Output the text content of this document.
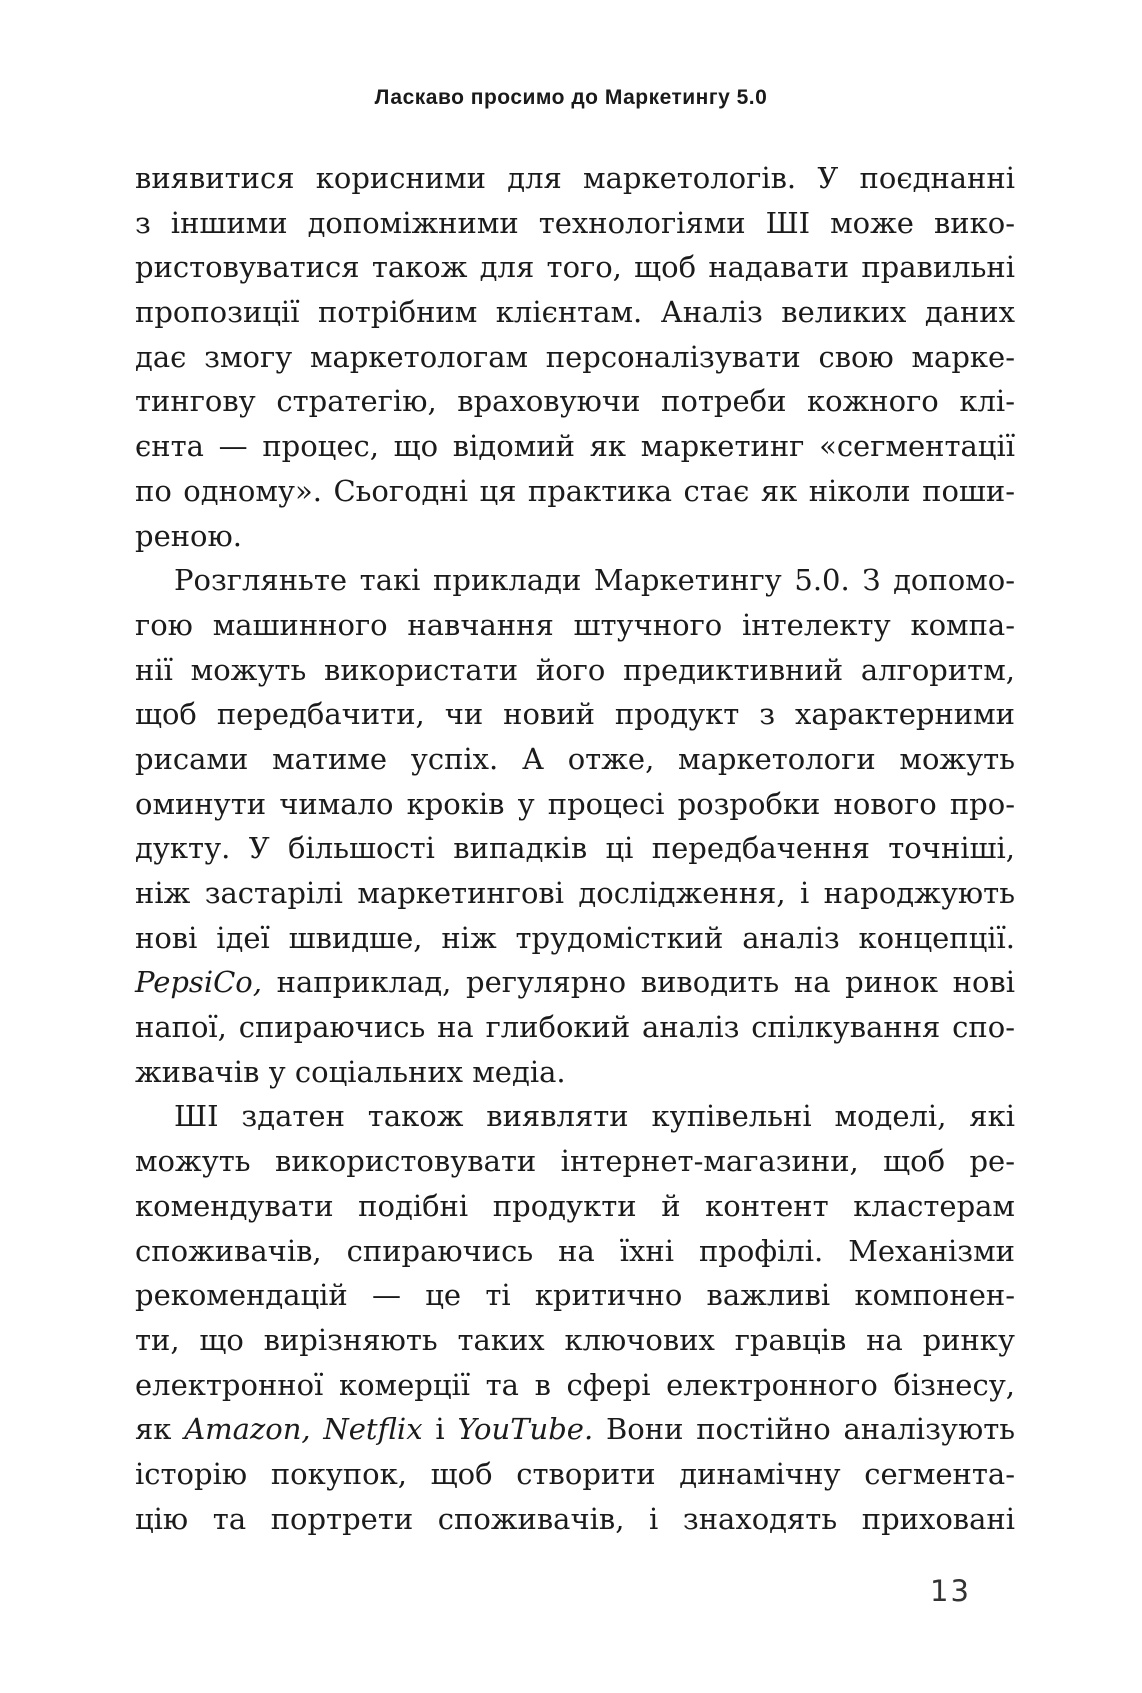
Ласкаво просимо до Маркетингу 5.0
виявитися корисними для маркетологів. У поєднанні
з іншими допоміжними технологіями ШІ може вико-
ристовуватися також для того, щоб надавати правильні
пропозиції потрібним клієнтам. Аналіз великих даних
дає змогу маркетологам персоналізувати свою марке-
тингову стратегію, враховуючи потреби кожного клі-
єнта — процес, що відомий як маркетинг «сегментації
по одному». Сьогодні ця практика стає як ніколи поши-
реною.
Розгляньте такі приклади Маркетингу 5.0. З допомо-
гою машинного навчання штучного інтелекту компа-
нії можуть використати його предиктивний алгоритм,
щоб передбачити, чи новий продукт з характерними
рисами матиме успіх. А отже, маркетологи можуть
оминути чимало кроків у процесі розробки нового про-
дукту. У більшості випадків ці передбачення точніші,
ніж застарілі маркетингові дослідження, і народжують
нові ідеї швидше, ніж трудомісткий аналіз концепції.
PepsiCo, наприклад, регулярно виводить на ринок нові
напої, спираючись на глибокий аналіз спілкування спо-
живачів у соціальних медіа.
ШІ здатен також виявляти купівельні моделі, які
можуть використовувати інтернет-магазини, щоб ре-
комендувати подібні продукти й контент кластерам
споживачів, спираючись на їхні профілі. Механізми
рекомендацій — це ті критично важливі компонен-
ти, що вирізняють таких ключових гравців на ринку
електронної комерції та в сфері електронного бізнесу,
як Amazon, Netflix і YouTube. Вони постійно аналізують
історію покупок, щоб створити динамічну сегмента-
цію та портрети споживачів, і знаходять приховані
13
